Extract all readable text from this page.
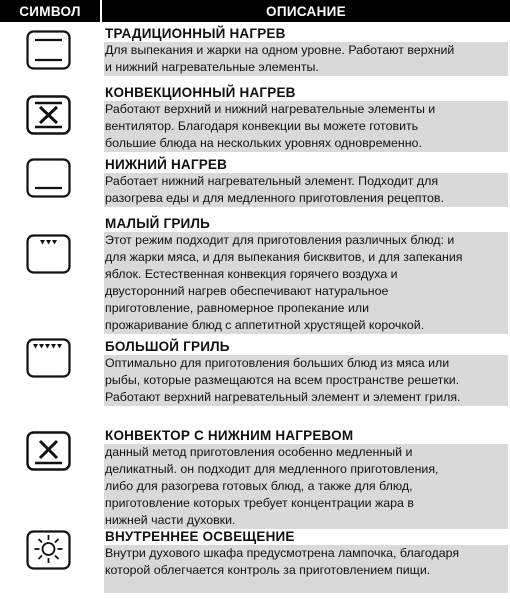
СИМВОЛ	ОПИСАНИЕ
ТРАДИЦИОННЫЙ НАГРЕВ
Для выпекания и жарки на одном уровне. Работают верхний
и нижний нагревательные элементы.
КОНВЕКЦИОННЫЙ НАГРЕВ
Работают верхний и нижний нагревательные элементы и
вентилятор. Благодаря конвекции вы можете готовить
большие блюда на нескольких уровнях одновременно.
НИЖНИЙ НАГРЕВ
Работает нижний нагревательный элемент. Подходит для
разогрева еды и для медленного приготовления рецептов.
МАЛЫЙ ГРИЛЬ
Этот режим подходит для приготовления различных блюд: и
для жарки мяса, и для выпекания бисквитов, и для запекания
яблок. Естественная конвекция горячего воздуха и
двусторонний нагрев обеспечивают натуральное
приготовление, равномерное пропекание или
прожаривание блюд с аппетитной хрустящей корочкой.
БОЛЬШОЙ ГРИЛЬ
Оптимально для приготовления больших блюд из мяса или
рыбы, которые размещаются на всем пространстве решетки.
Работают верхний нагревательный элемент и элемент гриля.
КОНВЕКТОР С НИЖНИМ НАГРЕВОМ
данный метод приготовления особенно медленный и
деликатный. он подходит для медленного приготовления,
либо для разогрева готовых блюд, а также для блюд,
приготовление которых требует концентрации жара в
нижней части духовки.
ВНУТРЕННЕЕ ОСВЕЩЕНИЕ
Внутри духового шкафа предусмотрена лампочка, благодаря
которой облегчается контроль за приготовлением пищи.
